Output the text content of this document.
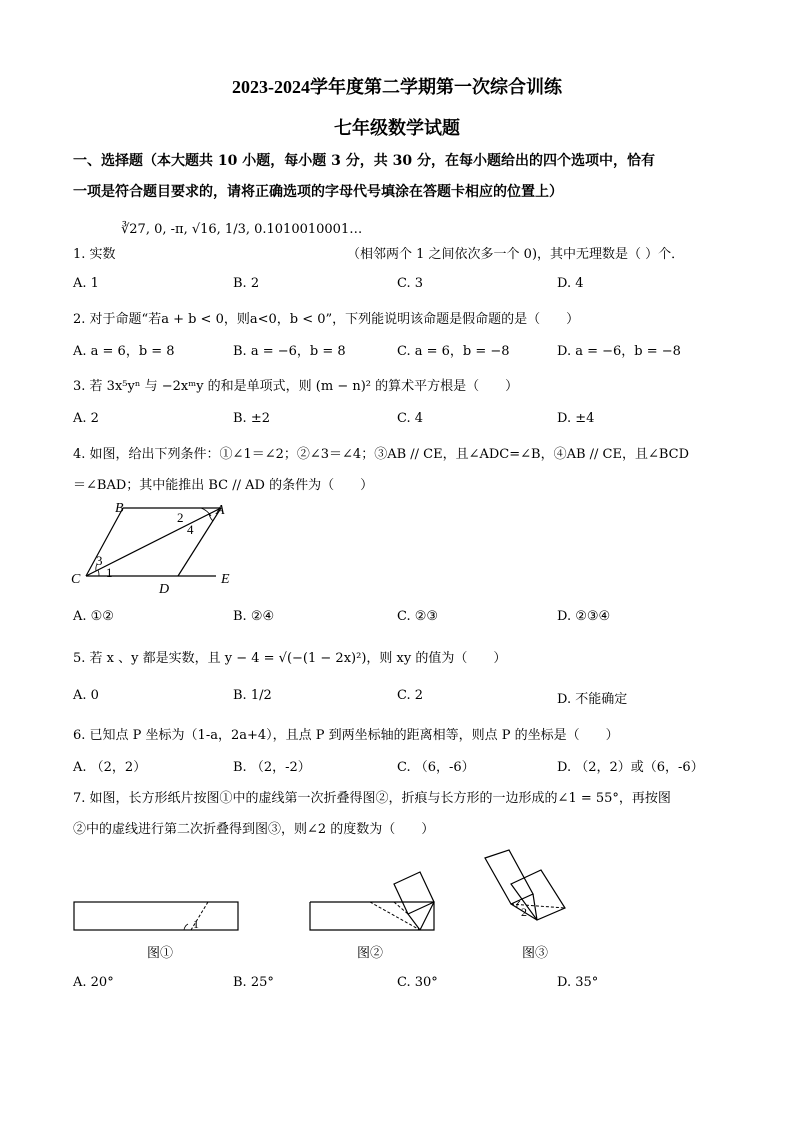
2023-2024学年度第二学期第一次综合训练
七年级数学试题
一、选择题（本大题共 10 小题，每小题 3 分，共 30 分，在每小题给出的四个选项中，恰有
一项是符合题目要求的，请将正确选项的字母代号填涂在答题卡相应的位置上）
1. 实数
∛27, 0, -π, √16, 1/3, 0.1010010001…
（相邻两个 1 之间依次多一个 0)，其中无理数是（ ）个．
A. 1	B. 2	C. 3	D. 4
2. 对于命题“若a + b < 0，则a<0，b < 0”，下列能说明该命题是假命题的是（　　）
A. a = 6，b = 8	B. a = −6，b = 8	C. a = 6，b = −8	D. a = −6，b = −8
3. 若 3x⁵yⁿ 与 −2xᵐy 的和是单项式，则 (m − n)² 的算术平方根是（　　）
A. 2	B. ±2	C. 4	D. ±4
4. 如图，给出下列条件：①∠1＝∠2；②∠3＝∠4；③AB // CE，且∠ADC=∠B，④AB // CE，且∠BCD
＝∠BAD；其中能推出 BC // AD 的条件为（　　）
B	A
C
D
E
1
2
3
4
A. ①②	B. ②④	C. ②③	D. ②③④
5. 若 x 、y 都是实数，且 y − 4 = √(−(1 − 2x)²)，则 xy 的值为（　　）
A. 0	B. 1/2	C. 2	D. 不能确定
6. 已知点 P 坐标为（1-a，2a+4），且点 P 到两坐标轴的距离相等，则点 P 的坐标是（　　）
A. （2，2）	B. （2，-2）	C. （6，-6）	D. （2，2）或（6，-6）
7. 如图，长方形纸片按图①中的虚线第一次折叠得图②，折痕与长方形的一边形成的∠1 = 55°，再按图
②中的虚线进行第二次折叠得到图③，则∠2 的度数为（　　）
1
图①	图②
2
图③
A. 20°	B. 25°	C. 30°	D. 35°
